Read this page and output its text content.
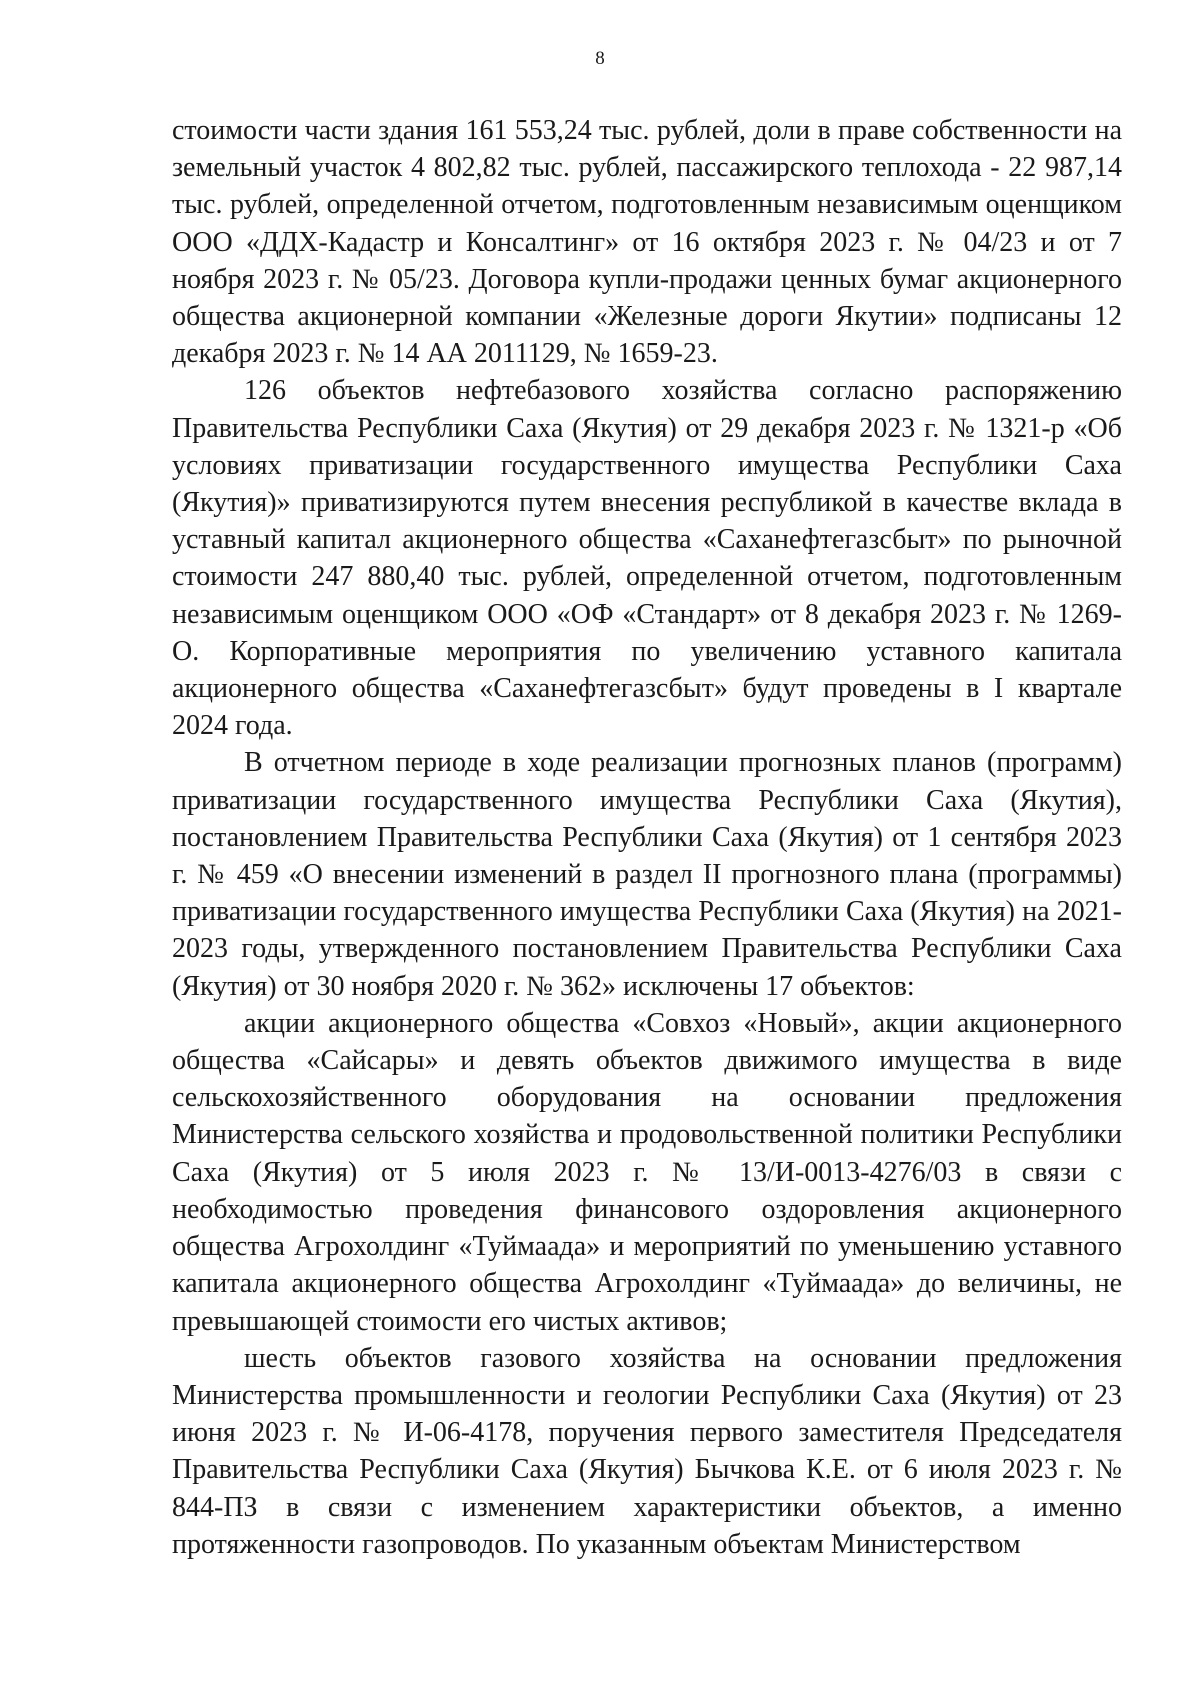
8

стоимости части здания 161 553,24 тыс. рублей, доли в праве собственности на земельный участок 4 802,82 тыс. рублей, пассажирского теплохода - 22 987,14 тыс. рублей, определенной отчетом, подготовленным независимым оценщиком ООО «ДДХ-Кадастр и Консалтинг» от 16 октября 2023 г. № 04/23 и от 7 ноября 2023 г. № 05/23. Договора купли-продажи ценных бумаг акционерного общества акционерной компании «Железные дороги Якутии» подписаны 12 декабря 2023 г. № 14 АА 2011129, № 1659-23.

126 объектов нефтебазового хозяйства согласно распоряжению Правительства Республики Саха (Якутия) от 29 декабря 2023 г. № 1321-р «Об условиях приватизации государственного имущества Республики Саха (Якутия)» приватизируются путем внесения республикой в качестве вклада в уставный капитал акционерного общества «Саханефтегазсбыт» по рыночной стоимости 247 880,40 тыс. рублей, определенной отчетом, подготовленным независимым оценщиком ООО «ОФ «Стандарт» от 8 декабря 2023 г. № 1269-О. Корпоративные мероприятия по увеличению уставного капитала акционерного общества «Саханефтегазсбыт» будут проведены в I квартале 2024 года.

В отчетном периоде в ходе реализации прогнозных планов (программ) приватизации государственного имущества Республики Саха (Якутия), постановлением Правительства Республики Саха (Якутия) от 1 сентября 2023 г. № 459 «О внесении изменений в раздел II прогнозного плана (программы) приватизации государственного имущества Республики Саха (Якутия) на 2021-2023 годы, утвержденного постановлением Правительства Республики Саха (Якутия) от 30 ноября 2020 г. № 362» исключены 17 объектов:

акции акционерного общества «Совхоз «Новый», акции акционерного общества «Сайсары» и девять объектов движимого имущества в виде сельскохозяйственного оборудования на основании предложения Министерства сельского хозяйства и продовольственной политики Республики Саха (Якутия) от 5 июля 2023 г. № 13/И-0013-4276/03 в связи с необходимостью проведения финансового оздоровления акционерного общества Агрохолдинг «Туймаада» и мероприятий по уменьшению уставного капитала акционерного общества Агрохолдинг «Туймаада» до величины, не превышающей стоимости его чистых активов;

шесть объектов газового хозяйства на основании предложения Министерства промышленности и геологии Республики Саха (Якутия) от 23 июня 2023 г. № И-06-4178, поручения первого заместителя Председателя Правительства Республики Саха (Якутия) Бычкова К.Е. от 6 июля 2023 г. № 844-ПЗ в связи с изменением характеристики объектов, а именно протяженности газопроводов. По указанным объектам Министерством
